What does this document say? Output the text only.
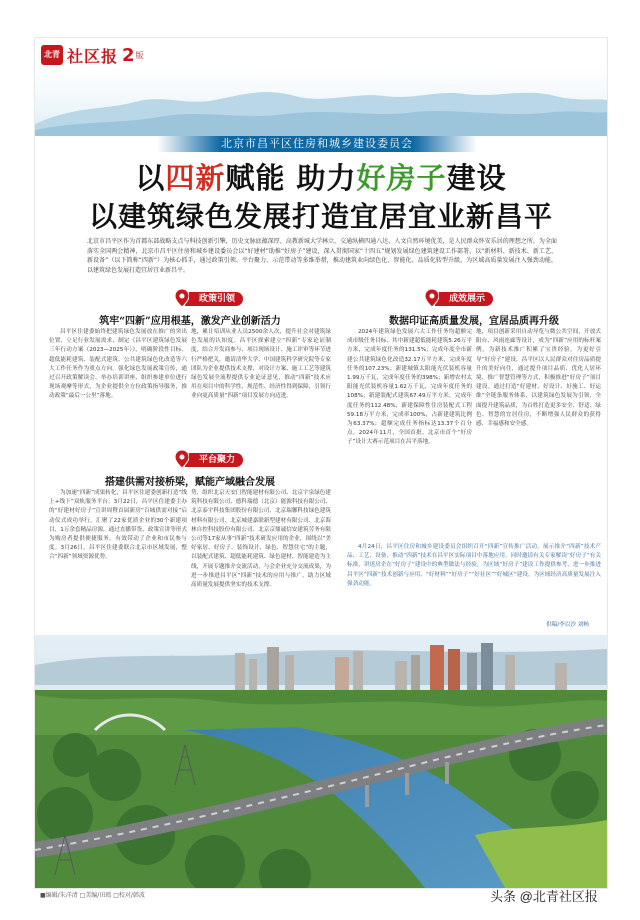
北青 社区报 2 版
北京市昌平区住房和城乡建设委员会
以四新赋能 助力好房子建设
以建筑绿色发展打造宜居宜业新昌平
北京市昌平区作为首都东部战略支点与科技创新引擎，历史文脉底蕴深厚，高教新城大学林立，交通纵横四通八达，人文自然环境优美，是人民群众怀安乐居的理想之所。为全面落实全国两会精神，北京市昌平区住房和城乡建设委员会以“好建材”助推“好房子”建设，深入贯彻国家“十四五”规划发展绿色建筑建设工作部署，以“新材料、新技术、新工艺、新设备”（以下简称“四新”）为核心抓手，通过政策引领、平台聚力、示范带动等多维举措，推动建筑业向绿色化、智能化、品质化转型升级，为区域高质量发展注入强劲动能，以建筑绿色发展打造宜居宜业新昌平。
政策引领
筑牢“四新”应用根基，激发产业创新活力
昌平区住建委始终把建筑绿色发展放在推广的突出位置，立足行业发展需求，制定《昌平区建筑绿色发展三年行动方案（2023—2025年）》，明确阶段性目标、超低能耗建筑、装配式建筑、公共建筑绿色化改造等六大工作任务作为重点方向。强化绿色发展政策宣传，通过召开政策解读会、举办培训讲座、组织参建单位进行现场观摩等形式，为企业提供全方位政策指导服务，推动政策“最后一公里”落地。
地，累计培训从业人员2500余人次，提升社会对建筑绿色发展的认知度。昌平区探索建立“四新”专家论证制度，结合开发商参与、项目现场设计、施工评审等环节进行严格把关，邀请清华大学、中国建筑科学研究院等专家团队为企业提供技术支撑，对设计方案、施工工艺等建筑绿色发展全流程提供专业论证意见，推动“四新”技术应用在项目中的科学性、规范性、经济性得到保障，引领行业向更高质量“四新”项目发展方向迈进。
平台聚力
搭建供需对接桥梁，赋能产域融合发展
为加速“四新”成果转化，昌平区住建委创新打造“线上+线下”双轨服务平台。3月22日，昌平区住建委主办的“好建材好房子”宣讲周暨首届新房“百城供需对接”启动仪式成功举行，汇聚了22家优质企业的30个新建项目、1万余套精品房源，通过直播带货、政策宣讲等形式为购房者提供便捷服务，有效带动了企业和市民参与度。3月26日，昌平区住建委联合北京市区域发展，整合“四新”领域资源优势。
势，组织北京天安门智能建材有限公司、北京宇泉绿色建筑科技有限公司、德科瑞德（北京）能源科技有限公司、北京泰宇科技集团股份有限公司、北京瑞馨科技绿色建筑材料有限公司、北京城建嘉联新型建材有限公司、北京海林自控科技股份有限公司、北京京鼎诚信安建筑劳务有限公司等17家从事“四新”技术研发应用的企业，围绕以“美好家居、好房子、装饰设计、绿色、智慧住宅”的主题，以装配式建筑、超低能耗建筑、绿色建材、智能建造为主线，开展专题推介交流活动，与会企业充分交流成果，为进一步推进昌平区“四新”技术的应用与推广，助力区域高质量发展提供坚实的技术支撑。
成效展示
数据印证高质量发展，宜居品质再升级
2024年建筑绿色发展六大工作任务均超额完成市级任务目标，其中新建超低能耗建筑5.26万平方米，完成年度任务的131.5%；完成年度全市新建公共建筑绿色化改造32.17万平方米，完成年度任务的107.23%；新建城镇太阳能光伏装机容量1.99万千瓦，完成年度任务的398%；新增农村太阳能光伏装机容量1.62万千瓦，完成年度任务的108%；新建装配式建筑67.49万平方米，完成年度任务的112.48%；新建保障性住房装配式工程59.18万平方米，完成率100%，占新建建筑比例为63.37%；超额完成任务指标达13.37个百分点。2024年11月，全国首批、北京市首个“好房子”设计大赛示范项目在昌平落地。
地，项目创新采用自动导览与微公共空间，开放式阳台、风雨连廊等设计，成为“四新”应用的标杆案例，为新技术推广积累了宝贵经验。为更好引导“好房子”建设，昌平区以人民群众对住房品质提升的美好向往，通过提升项目品质、优化人居环境、推广智慧管理等方式，积极推进“好房子”项目建设。通过打造“好建材、好设计、好施工、好运维”全链条服务体系，以建筑绿色发展为引领，全面提升建筑品质，为百姓打造更多安全、舒适、绿色、智慧的宜居住房，不断增强人民群众的获得感、幸福感和安全感。
4月24日，昌平区住房和城乡建设委员会组织召开“四新”宣传推广活动，展示推介“四新”技术产品、工艺、设备，推动“四新”技术在昌平区实际项目中落地应用。同时邀请有关专家解读“好房子”有关标准，讲述房企在“好房子”建设中的典型做法与经验，为区域“好房子”建设工作提供参考，进一步推进昌平区“四新”技术创新与应用、“好材料”“好房子”“好社区”“好城区”建设，为区域经济高质量发展注入强劲动能。
供稿/李以沙 刘畅
■编辑/朱洋清 □美编/田琅 □校对/韩波	头条 @北青社区报
